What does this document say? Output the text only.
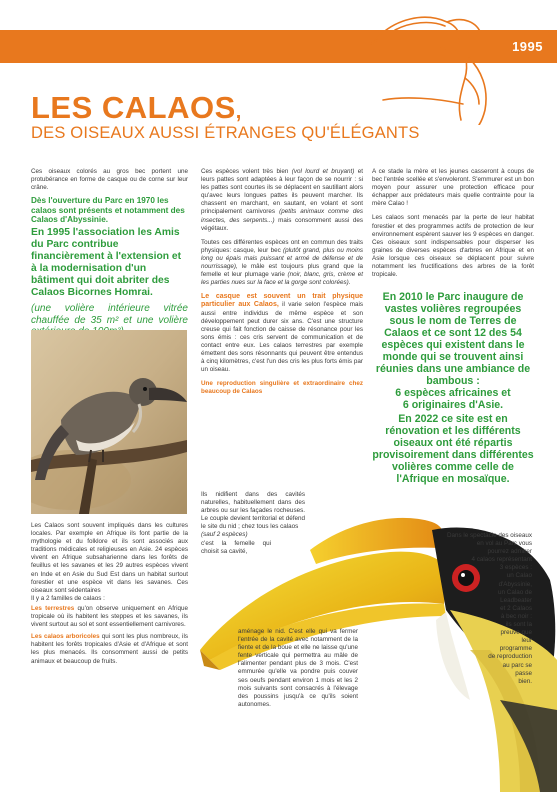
1995
LES CALAOS,
DES OISEAUX AUSSI ÉTRANGES QU'ÉLÉGANTS

Ces oiseaux colorés au gros bec portent une protubérance en forme de casque ou de corne sur leur crâne.

Dès l'ouverture du Parc en 1970 les calaos sont présents et notamment des Calaos d'Abyssinie.

En 1995 l'association les Amis du Parc contribue financièrement à l'extension et à la modernisation d'un bâtiment qui doit abriter des Calaos Bicornes Homrai.

(une volière intérieure vitrée chauffée de 35 m² et une volière

Les Calaos sont souvent impliqués dans les cultures locales. Par exemple en Afrique ils font partie de la mythologie et du folklore et ils sont associés aux traditions médicales et religieuses en Asie. 24 espèces vivent en Afrique subsaharienne dans les forêts de feuillus et les savanes et les 29 autres espèces vivent en Inde et en Asie du Sud Est dans un habitat surtout forestier et une espèce vit dans les savanes. Ces oiseaux sont sédentaires

Il y a 2 familles de calaos :

Les terrestres qu'on observe uniquement en Afrique tropicale où ils habitent les steppes et les savanes, ils vivent surtout au sol et sont essentiellement carnivores.

Les calaos arboricoles qui sont les plus nombreux, ils habitent les forêts tropicales d'Asie et d'Afrique et sont les plus menacés. Ils consomment aussi de petits animaux et beaucoup de fruits.

Ces espèces volent très bien (vol lourd et bruyant) et leurs pattes sont adaptées à leur façon de se nourrir : si les pattes sont courtes ils se déplacent en sautillant alors qu'avec leurs longues pattes ils peuvent marcher. Ils chassent en marchant, en sautant, en volant et sont principalement carnivores (petits animaux comme des insectes, des serpents...) mais consomment aussi des végétaux.

Toutes ces différentes espèces ont en commun des traits physiques: casque, leur bec (plutôt grand, plus ou moins long ou épais mais puissant et armé de défense et de nourrissage), le mâle est toujours plus grand que la femelle et leur plumage varie (noir, blanc, gris, crème et les parties nues sur la face et la gorge sont colorées).

Le casque est souvent un trait physique particulier aux Calaos, il varie selon l'espèce mais aussi entre individus de même espèce et son développement peut durer six ans. C'est une structure creuse qui fait fonction de caisse de résonance pour les sons émis : ces cris servent de communication et de contact entre eux. Les calaos terrestres par exemple émettent des sons résonnants qui peuvent être entendus à cinq kilomètres, c'est l'un des cris les plus forts émis par un oiseau.

Une reproduction singulière et extraordinaire chez beaucoup de Calaos

Ils nidifient dans des cavités naturelles, habituellement dans des arbres ou sur les façades rocheuses. Le couple devient territorial et défend le site du nid ; chez tous les calaos

(sauf 2 espèces)

c'est la femelle qui choisit sa cavité,

aménage le nid. C'est elle qui va fermer l'entrée de la cavité avec notamment de la fiente et de la boue et elle ne laisse qu'une fente verticale qui permettra au mâle de l'alimenter pendant plus de 3 mois. C'est emmurée qu'elle va pondre puis couver ses oeufs pendant environ 1 mois et les 2 mois suivants sont consacrés à l'élevage des poussins jusqu'à ce qu'ils soient autonomes.

A ce stade la mère et les jeunes casseront à coups de bec l'entrée scellée et s'envoleront. S'emmurer est un bon moyen pour assurer une protection efficace pour échapper aux prédateurs mais quelle contrainte pour la mère Calao !

Les calaos sont menacés par la perte de leur habitat forestier et des programmes actifs de protection de leur environnement espèrent sauver les 9 espèces en danger. Ces oiseaux sont indispensables pour disperser les graines de diverses espèces d'arbres en Afrique et en Asie lorsque ces oiseaux se déplacent pour suivre notamment les fructifications des arbres de la forêt tropicale.

En 2010 le Parc inaugure de vastes volières regroupées sous le nom de Terres de Calaos et ce sont 12 des 54 espèces qui existent dans le monde qui se trouvent ainsi réunies dans une ambiance de bambous :
6 espèces africaines et
6 originaires d'Asie.
En 2022 ce site est en rénovation et les différents oiseaux ont été répartis provisoirement dans différentes volières comme celle de l'Afrique en mosaïque.
Dans le spectacle des oiseaux
en vol au Parc vous
pourrez admirer
4 calaos représentant
3 espèces :
un Calao
d'Abyssinie,
un Calao de
Leadbeater
et 2 Calaos
à bec noir :
ils sont la
preuve que
leur
programme
de reproduction
au parc se
passe
bien.
